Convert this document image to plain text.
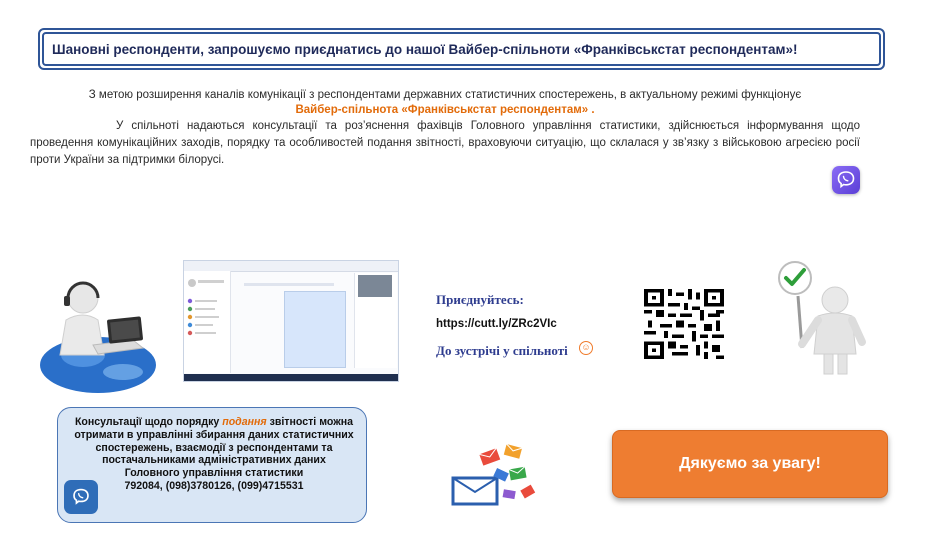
Шановні респонденти, запрошуємо приєднатись до нашої Вайбер-спільноти «Франківськстат респондентам»!
З метою розширення каналів комунікації з респондентами державних статистичних спостережень, в актуальному режимі функціонує
Вайбер-спільнота «Франківськстат респондентам» .
У спільноті надаються консультації та роз’яснення фахівців Головного управління статистики, здійснюється інформування щодо проведення комунікаційних заходів, порядку та особливостей подання звітності, враховуючи ситуацію, що склалася у зв’язку з військовою агресією росії проти України за підтримки білорусі.
Приєднуйтесь:
https://cutt.ly/ZRc2VIc
До зустрічі у спільноті ☺
Консультації щодо порядку подання звітності можна отримати в управлінні збирання даних статистичних спостережень, взаємодії з респондентами та постачальниками адміністративних даних
Головного управління статистики
792084, (098)3780126, (099)4715531
Дякуємо за увагу!
